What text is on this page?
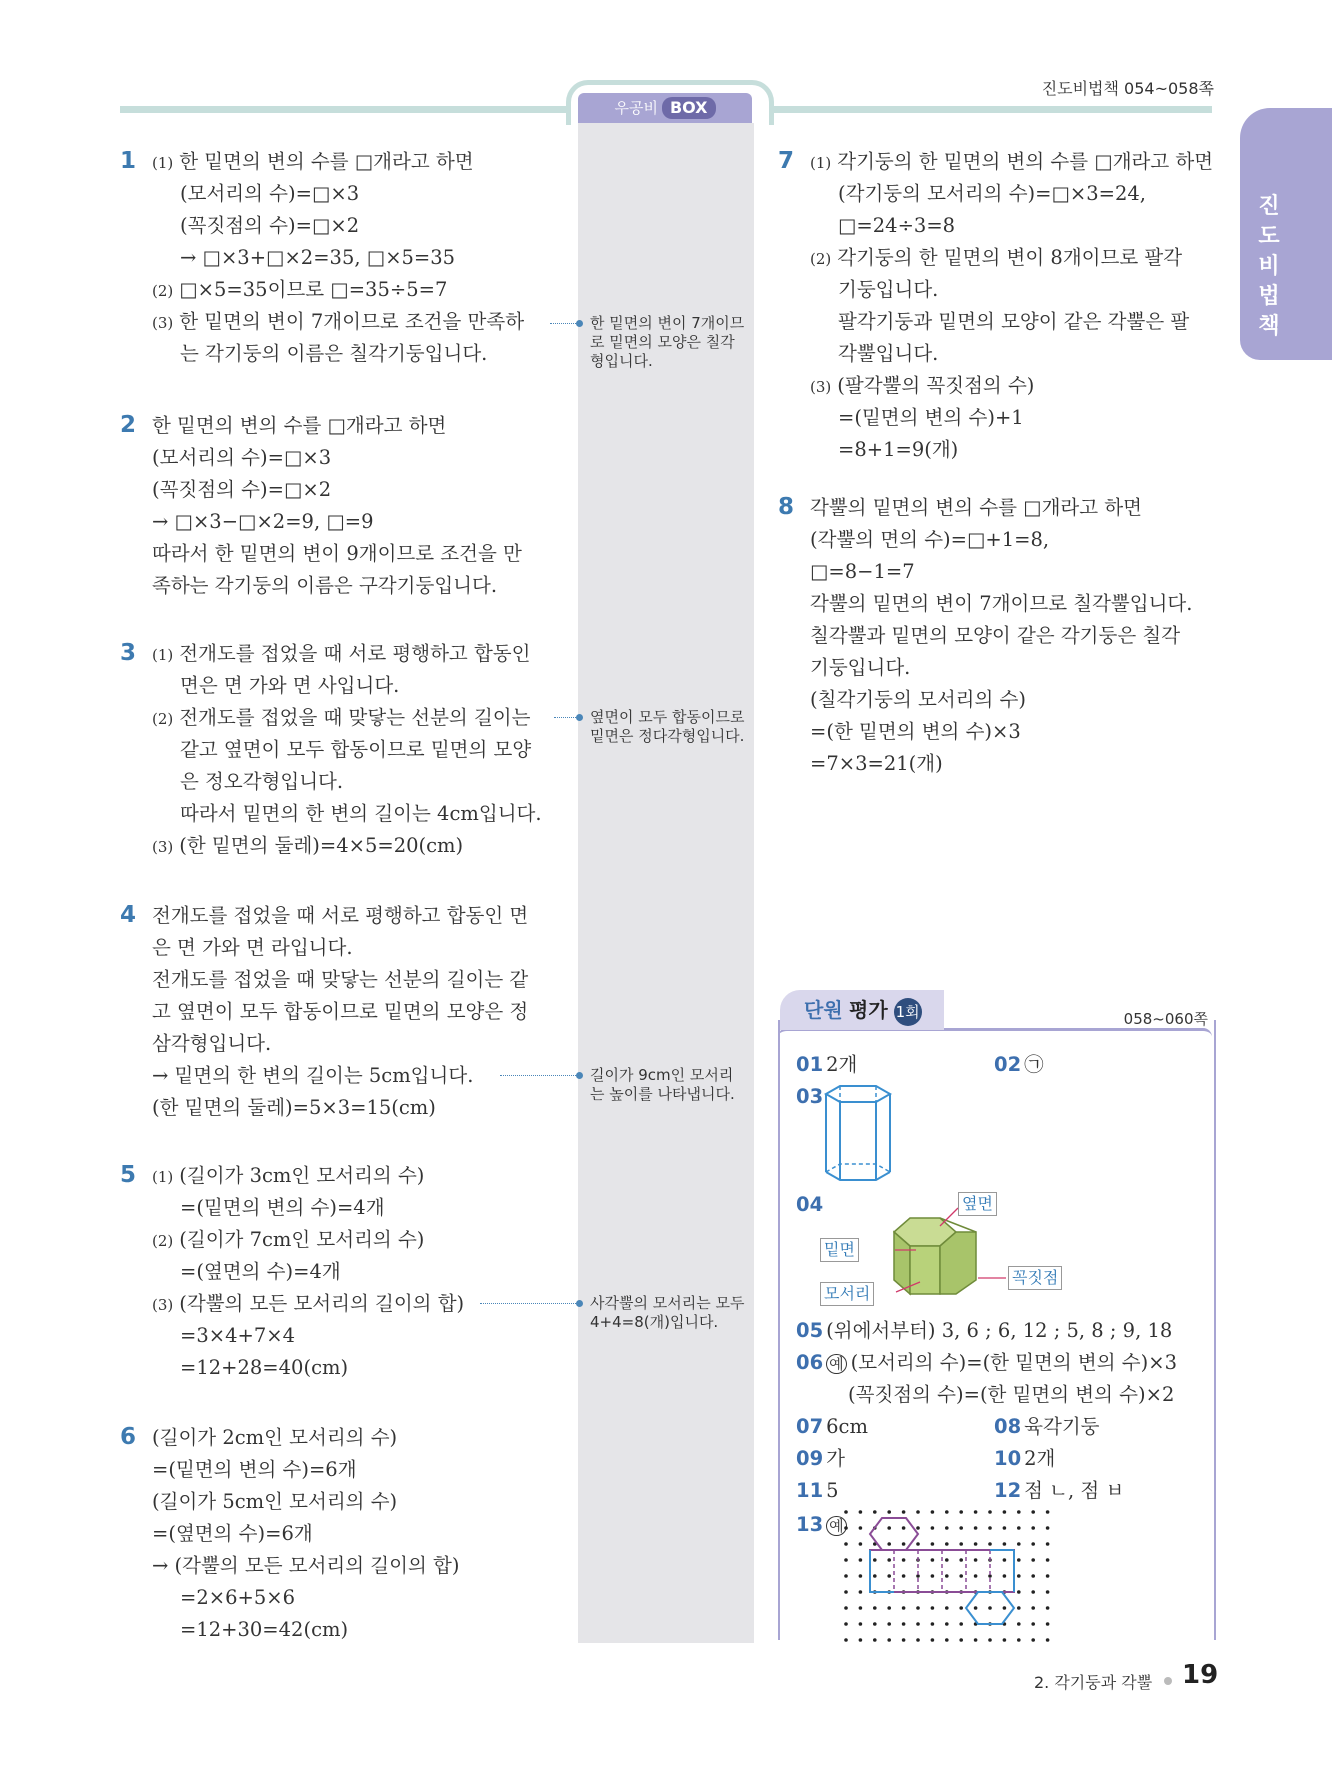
우공비 BOX
진도비법책 054~058쪽
진
도
비
법
책
1 (1) 한 밑면의 변의 수를 □개라고 하면
(모서리의 수)=□×3
(꼭짓점의 수)=□×2
→ □×3+□×2=35, □×5=35
(2) □×5=35이므로 □=35÷5=7
(3) 한 밑면의 변이 7개이므로 조건을 만족하
는 각기둥의 이름은 칠각기둥입니다.
한 밑면의 변이 7개이므로 밑면의 모양은 칠각형입니다.
2 한 밑면의 변의 수를 □개라고 하면
(모서리의 수)=□×3
(꼭짓점의 수)=□×2
→ □×3−□×2=9, □=9
따라서 한 밑면의 변이 9개이므로 조건을 만
족하는 각기둥의 이름은 구각기둥입니다.
3 (1) 전개도를 접었을 때 서로 평행하고 합동인
면은 면 가와 면 사입니다.
(2) 전개도를 접었을 때 맞닿는 선분의 길이는
같고 옆면이 모두 합동이므로 밑면의 모양
은 정오각형입니다.
따라서 밑면의 한 변의 길이는 4cm입니다.
(3) (한 밑면의 둘레)=4×5=20(cm)
옆면이 모두 합동이므로 밑면은 정다각형입니다.
4 전개도를 접었을 때 서로 평행하고 합동인 면
은 면 가와 면 라입니다.
전개도를 접었을 때 맞닿는 선분의 길이는 같
고 옆면이 모두 합동이므로 밑면의 모양은 정
삼각형입니다.
→ 밑면의 한 변의 길이는 5cm입니다.
(한 밑면의 둘레)=5×3=15(cm)
길이가 9cm인 모서리는 높이를 나타냅니다.
5 (1) (길이가 3cm인 모서리의 수)
=(밑면의 변의 수)=4개
(2) (길이가 7cm인 모서리의 수)
=(옆면의 수)=4개
(3) (각뿔의 모든 모서리의 길이의 합)
=3×4+7×4
=12+28=40(cm)
사각뿔의 모서리는 모두 4+4=8(개)입니다.
6 (길이가 2cm인 모서리의 수)
=(밑면의 변의 수)=6개
(길이가 5cm인 모서리의 수)
=(옆면의 수)=6개
→ (각뿔의 모든 모서리의 길이의 합)
=2×6+5×6
=12+30=42(cm)
7 (1) 각기둥의 한 밑면의 변의 수를 □개라고 하면
(각기둥의 모서리의 수)=□×3=24,
□=24÷3=8
(2) 각기둥의 한 밑면의 변이 8개이므로 팔각
기둥입니다.
팔각기둥과 밑면의 모양이 같은 각뿔은 팔
각뿔입니다.
(3) (팔각뿔의 꼭짓점의 수)
=(밑면의 변의 수)+1
=8+1=9(개)
8 각뿔의 밑면의 변의 수를 □개라고 하면
(각뿔의 면의 수)=□+1=8,
□=8−1=7
각뿔의 밑면의 변이 7개이므로 칠각뿔입니다.
칠각뿔과 밑면의 모양이 같은 각기둥은 칠각
기둥입니다.
(칠각기둥의 모서리의 수)
=(한 밑면의 변의 수)×3
=7×3=21(개)
단원 평가 1회	058~060쪽
01 2개	02 ㉠
03
04	옆면
밑면
모서리
꼭짓점
05 (위에서부터) 3, 6 ; 6, 12 ; 5, 8 ; 9, 18
06 예 (모서리의 수)=(한 밑면의 변의 수)×3
(꼭짓점의 수)=(한 밑면의 변의 수)×2
07 6cm	08 육각기둥
09 가	10 2개
11 5	12 점 ㄴ, 점 ㅂ
13 예
2. 각기둥과 각뿔 19
